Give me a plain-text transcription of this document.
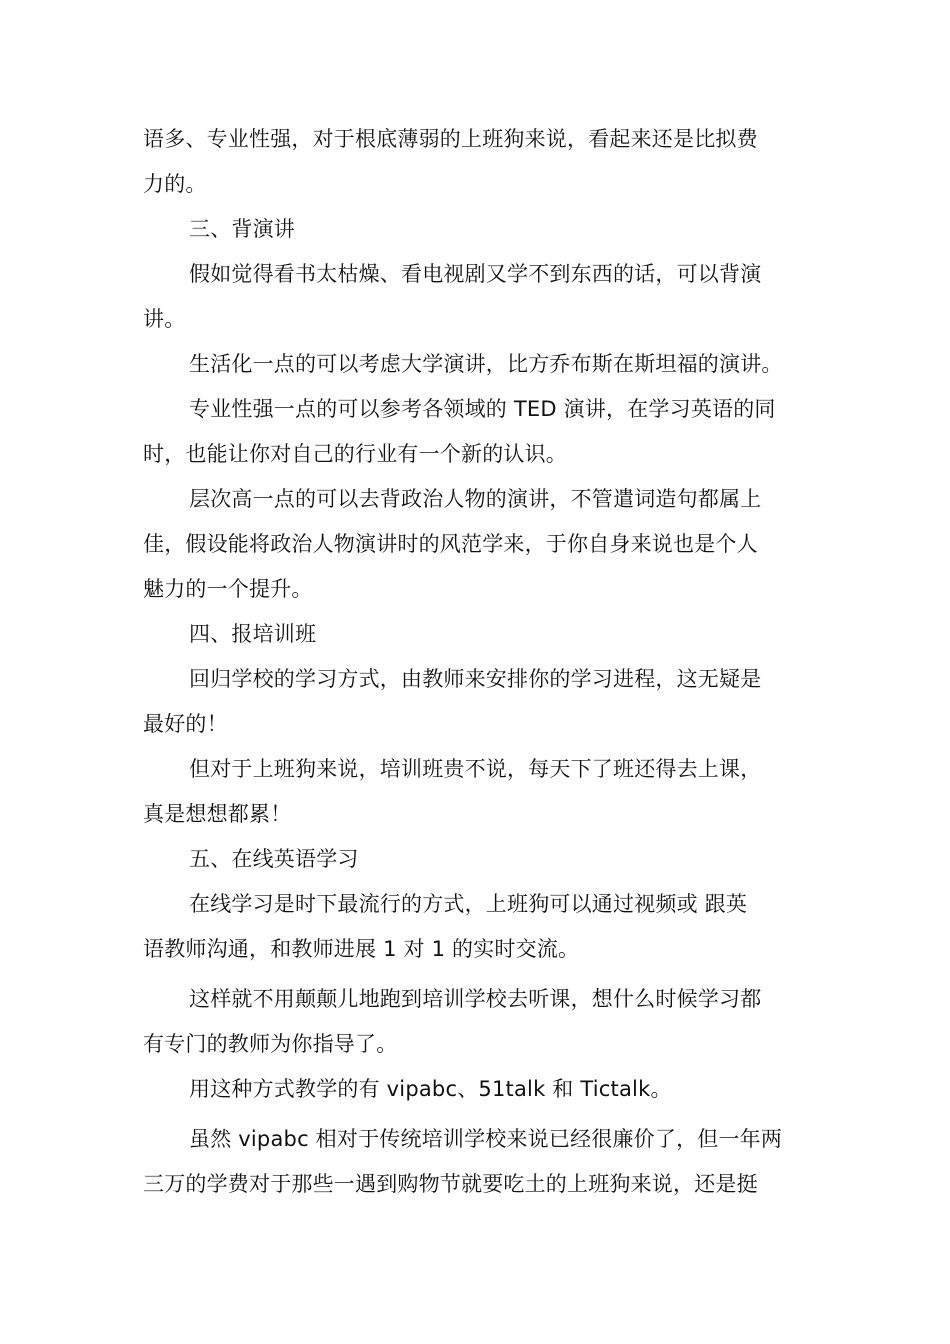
语多、专业性强，对于根底薄弱的上班狗来说，看起来还是比拟费
力的。
三、背演讲
假如觉得看书太枯燥、看电视剧又学不到东西的话，可以背演
讲。
生活化一点的可以考虑大学演讲，比方乔布斯在斯坦福的演讲。
专业性强一点的可以参考各领域的 TED 演讲，在学习英语的同
时，也能让你对自己的行业有一个新的认识。
层次高一点的可以去背政治人物的演讲，不管遣词造句都属上
佳，假设能将政治人物演讲时的风范学来，于你自身来说也是个人
魅力的一个提升。
四、报培训班
回归学校的学习方式，由教师来安排你的学习进程，这无疑是
最好的！
但对于上班狗来说，培训班贵不说，每天下了班还得去上课，
真是想想都累！
五、在线英语学习
在线学习是时下最流行的方式，上班狗可以通过视频或 跟英
语教师沟通，和教师进展 1 对 1 的实时交流。
这样就不用颠颠儿地跑到培训学校去听课，想什么时候学习都
有专门的教师为你指导了。
用这种方式教学的有 vipabc、51talk 和 Tictalk。
虽然 vipabc 相对于传统培训学校来说已经很廉价了，但一年两
三万的学费对于那些一遇到购物节就要吃土的上班狗来说，还是挺
